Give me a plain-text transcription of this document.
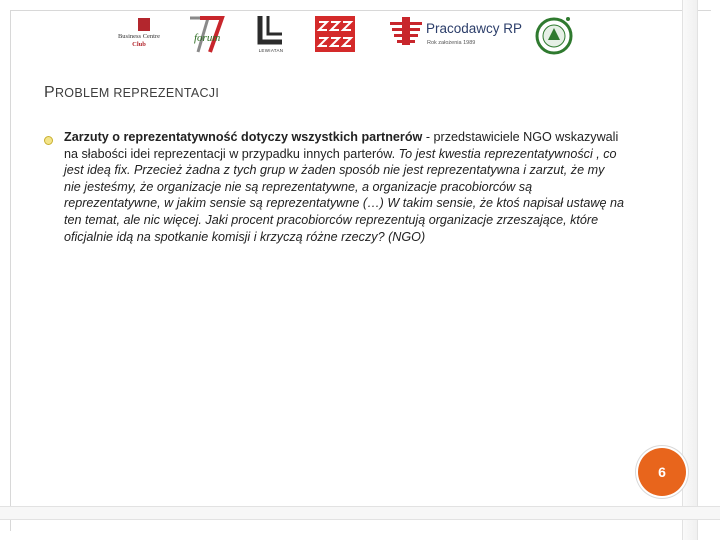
Business Centre
Club
forum
LEWIATAN
Pracodawcy RP
Rok założenia 1989
PROBLEM REPREZENTACJI
Zarzuty o reprezentatywność dotyczy wszystkich partnerów - przedstawiciele NGO wskazywali na słabości idei reprezentacji w przypadku innych parterów. To jest kwestia reprezentatywności , co jest ideą fix. Przecież żadna z tych grup w żaden sposób nie jest reprezentatywna i zarzut, że my nie jesteśmy, że organizacje nie są reprezentatywne, a organizacje pracobiorców są reprezentatywne, w jakim sensie są reprezentatywne (…) W takim sensie, że ktoś napisał ustawę na ten temat, ale nic więcej. Jaki procent pracobiorców reprezentują organizacje zrzeszające, które oficjalnie idą na spotkanie komisji i krzyczą różne rzeczy? (NGO)
6
